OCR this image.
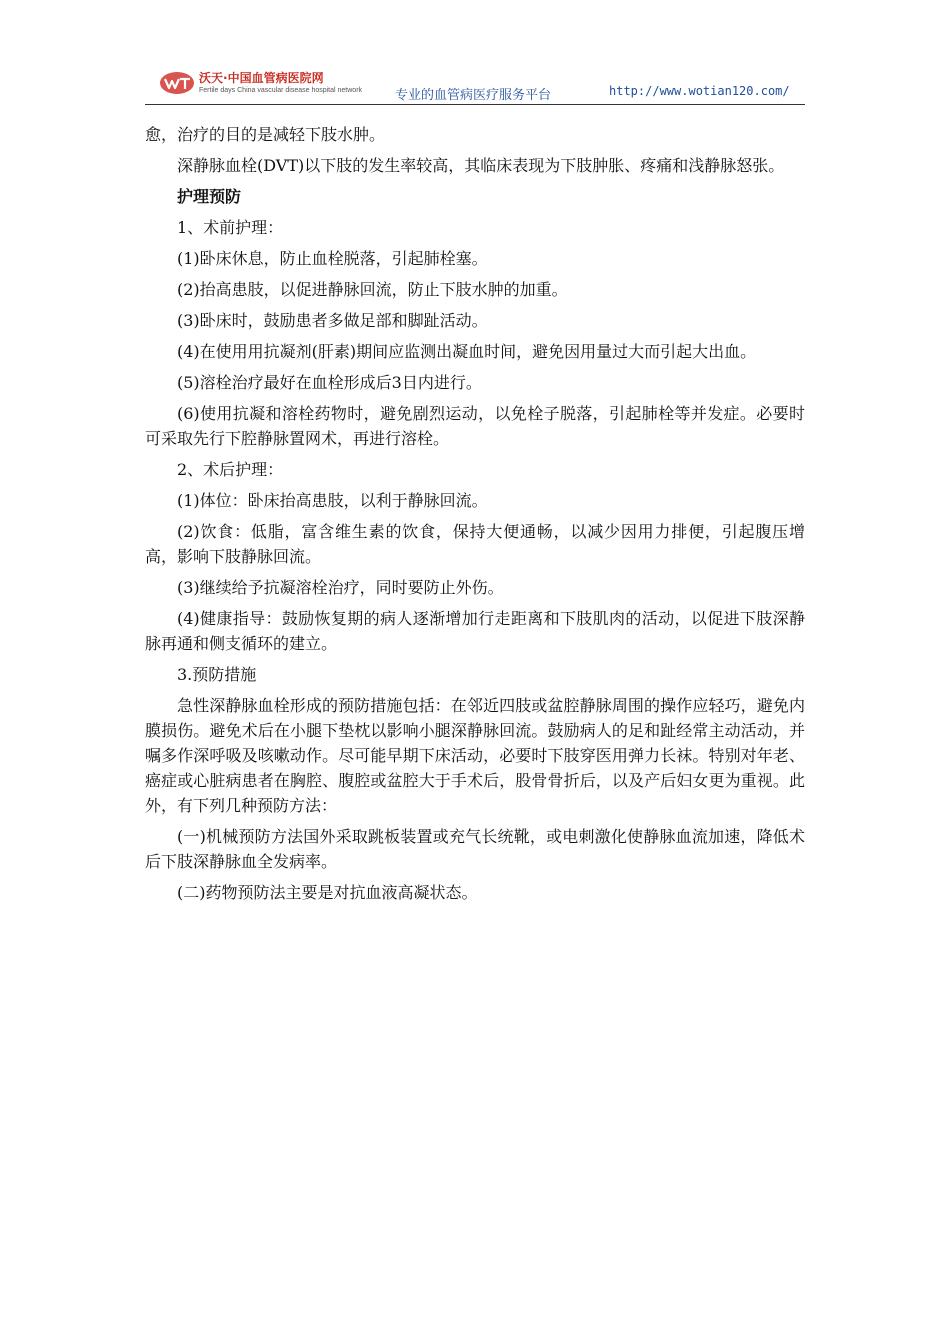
沃天·中国血管病医院网
Fertile days China vascular disease hospital network	专业的血管病医疗服务平台	http://www.wotian120.com/

愈，治疗的目的是减轻下肢水肿。

深静脉血栓(DVT)以下肢的发生率较高，其临床表现为下肢肿胀、疼痛和浅静脉怒张。

护理预防

1、术前护理：

(1)卧床休息，防止血栓脱落，引起肺栓塞。

(2)抬高患肢，以促进静脉回流，防止下肢水肿的加重。

(3)卧床时，鼓励患者多做足部和脚趾活动。

(4)在使用用抗凝剂(肝素)期间应监测出凝血时间，避免因用量过大而引起大出血。

(5)溶栓治疗最好在血栓形成后3日内进行。

(6)使用抗凝和溶栓药物时，避免剧烈运动，以免栓子脱落，引起肺栓等并发症。必要时可采取先行下腔静脉置网术，再进行溶栓。

2、术后护理：

(1)体位：卧床抬高患肢，以利于静脉回流。

(2)饮食：低脂，富含维生素的饮食，保持大便通畅，以减少因用力排便，引起腹压增高，影响下肢静脉回流。

(3)继续给予抗凝溶栓治疗，同时要防止外伤。

(4)健康指导：鼓励恢复期的病人逐渐增加行走距离和下肢肌肉的活动，以促进下肢深静脉再通和侧支循环的建立。

3.预防措施

急性深静脉血栓形成的预防措施包括：在邻近四肢或盆腔静脉周围的操作应轻巧，避免内膜损伤。避免术后在小腿下垫枕以影响小腿深静脉回流。鼓励病人的足和趾经常主动活动，并嘱多作深呼吸及咳嗽动作。尽可能早期下床活动，必要时下肢穿医用弹力长袜。特别对年老、癌症或心脏病患者在胸腔、腹腔或盆腔大于手术后，股骨骨折后，以及产后妇女更为重视。此外，有下列几种预防方法：

(一)机械预防方法国外采取跳板装置或充气长统靴，或电刺激化使静脉血流加速，降低术后下肢深静脉血全发病率。

(二)药物预防法主要是对抗血液高凝状态。
